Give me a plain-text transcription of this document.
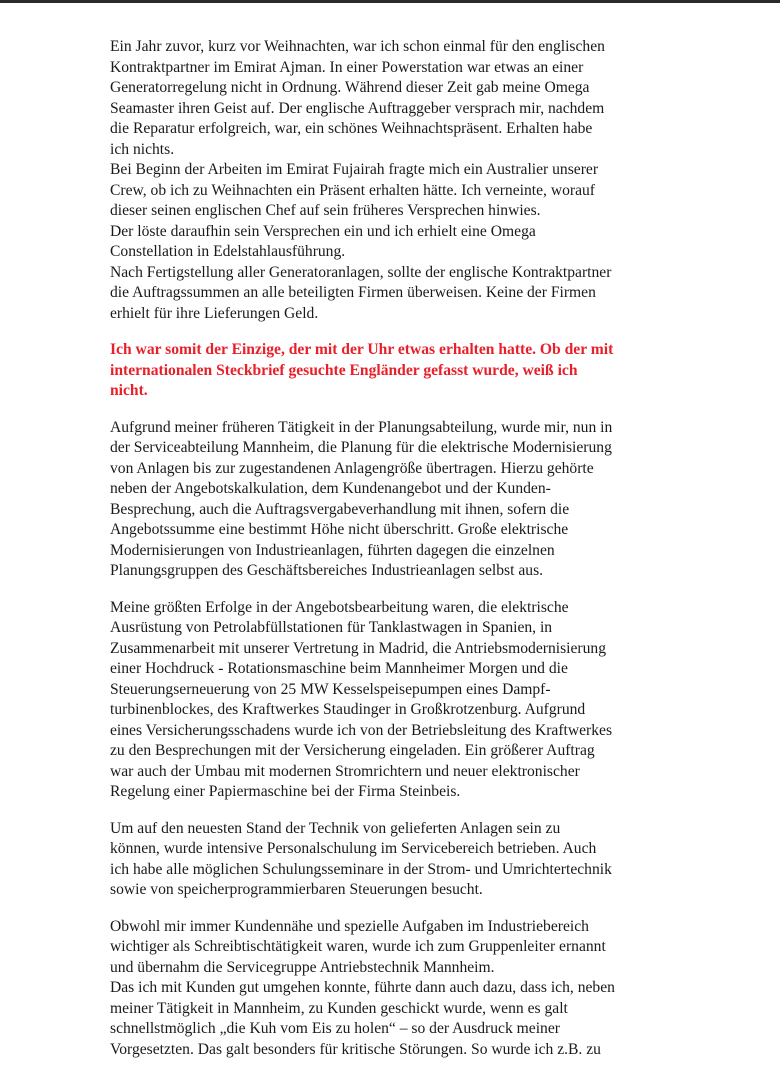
Ein Jahr zuvor, kurz vor Weihnachten, war ich schon einmal für den englischen
Kontraktpartner im Emirat Ajman. In einer Powerstation war etwas an einer
Generatorregelung nicht in Ordnung. Während dieser Zeit gab meine Omega
Seamaster ihren Geist auf. Der englische Auftraggeber versprach mir, nachdem
die Reparatur erfolgreich, war, ein schönes Weihnachtspräsent. Erhalten habe
ich nichts.
Bei Beginn der Arbeiten im Emirat Fujairah fragte mich ein Australier unserer
Crew, ob ich zu Weihnachten ein Präsent erhalten hätte. Ich verneinte, worauf
dieser seinen englischen Chef auf sein früheres Versprechen hinwies.
Der löste daraufhin sein Versprechen ein und ich erhielt eine Omega
Constellation in Edelstahlausführung.
Nach Fertigstellung aller Generatoranlagen, sollte der englische Kontraktpartner
die Auftragssummen an alle beteiligten Firmen überweisen. Keine der Firmen
erhielt für ihre Lieferungen Geld.
Ich war somit der Einzige, der mit der Uhr etwas erhalten hatte. Ob der mit
internationalen Steckbrief gesuchte Engländer gefasst wurde, weiß ich
nicht.
Aufgrund meiner früheren Tätigkeit in der Planungsabteilung, wurde mir, nun in
der Serviceabteilung Mannheim, die Planung für die elektrische Modernisierung
von Anlagen bis zur zugestandenen Anlagengröße übertragen. Hierzu gehörte
neben der Angebotskalkulation, dem Kundenangebot und der Kunden-
Besprechung, auch die Auftragsvergabeverhandlung mit ihnen, sofern die
Angebotssumme eine bestimmt Höhe nicht überschritt. Große elektrische
Modernisierungen von Industrieanlagen, führten dagegen die einzelnen
Planungsgruppen des Geschäftsbereiches Industrieanlagen selbst aus.
Meine größten Erfolge in der Angebotsbearbeitung waren, die elektrische
Ausrüstung von Petrolabfüllstationen für Tanklastwagen in Spanien, in
Zusammenarbeit mit unserer Vertretung in Madrid, die Antriebsmodernisierung
einer Hochdruck - Rotationsmaschine beim Mannheimer Morgen und die
Steuerungserneuerung von 25 MW Kesselspeisepumpen eines Dampf-
turbinenblockes, des Kraftwerkes Staudinger in Großkrotzenburg. Aufgrund
eines Versicherungsschadens wurde ich von der Betriebsleitung des Kraftwerkes
zu den Besprechungen mit der Versicherung eingeladen. Ein größerer Auftrag
war auch der Umbau mit modernen Stromrichtern und neuer elektronischer
Regelung einer Papiermaschine bei der Firma Steinbeis.
Um auf den neuesten Stand der Technik von gelieferten Anlagen sein zu
können, wurde intensive Personalschulung im Servicebereich betrieben. Auch
ich habe alle möglichen Schulungsseminare in der Strom- und Umrichtertechnik
sowie von speicherprogrammierbaren Steuerungen besucht.
Obwohl mir immer Kundennähe und spezielle Aufgaben im Industriebereich
wichtiger als Schreibtischtätigkeit waren, wurde ich zum Gruppenleiter ernannt
und übernahm die Servicegruppe Antriebstechnik Mannheim.
Das ich mit Kunden gut umgehen konnte, führte dann auch dazu, dass ich, neben
meiner Tätigkeit in Mannheim, zu Kunden geschickt wurde, wenn es galt
schnellstmöglich „die Kuh vom Eis zu holen“ – so der Ausdruck meiner
Vorgesetzten. Das galt besonders für kritische Störungen. So wurde ich z.B. zu
